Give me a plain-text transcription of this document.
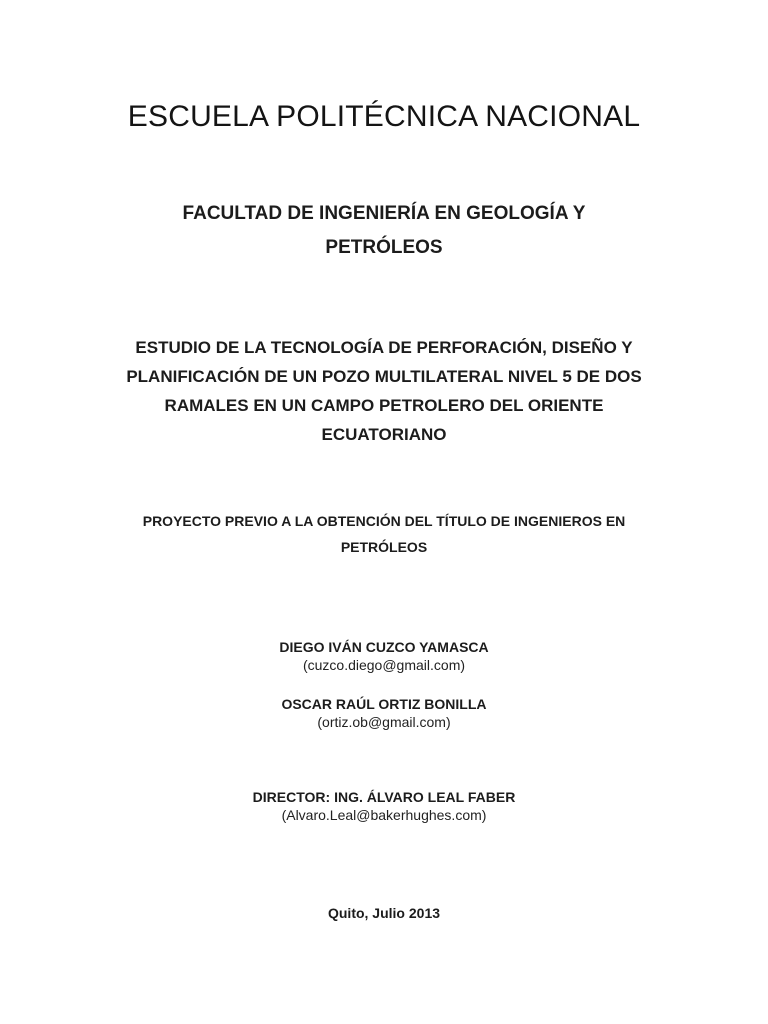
ESCUELA POLITÉCNICA NACIONAL
FACULTAD DE INGENIERÍA EN GEOLOGÍA Y
PETRÓLEOS
ESTUDIO DE LA TECNOLOGÍA DE PERFORACIÓN, DISEÑO Y
PLANIFICACIÓN DE UN POZO MULTILATERAL NIVEL 5 DE DOS
RAMALES EN UN CAMPO PETROLERO DEL ORIENTE
ECUATORIANO
PROYECTO PREVIO A LA OBTENCIÓN DEL TÍTULO DE INGENIEROS EN
PETRÓLEOS
DIEGO IVÁN CUZCO YAMASCA
(cuzco.diego@gmail.com)
OSCAR RAÚL ORTIZ BONILLA
(ortiz.ob@gmail.com)
DIRECTOR: ING. ÁLVARO LEAL FABER
(Alvaro.Leal@bakerhughes.com)
Quito, Julio 2013
